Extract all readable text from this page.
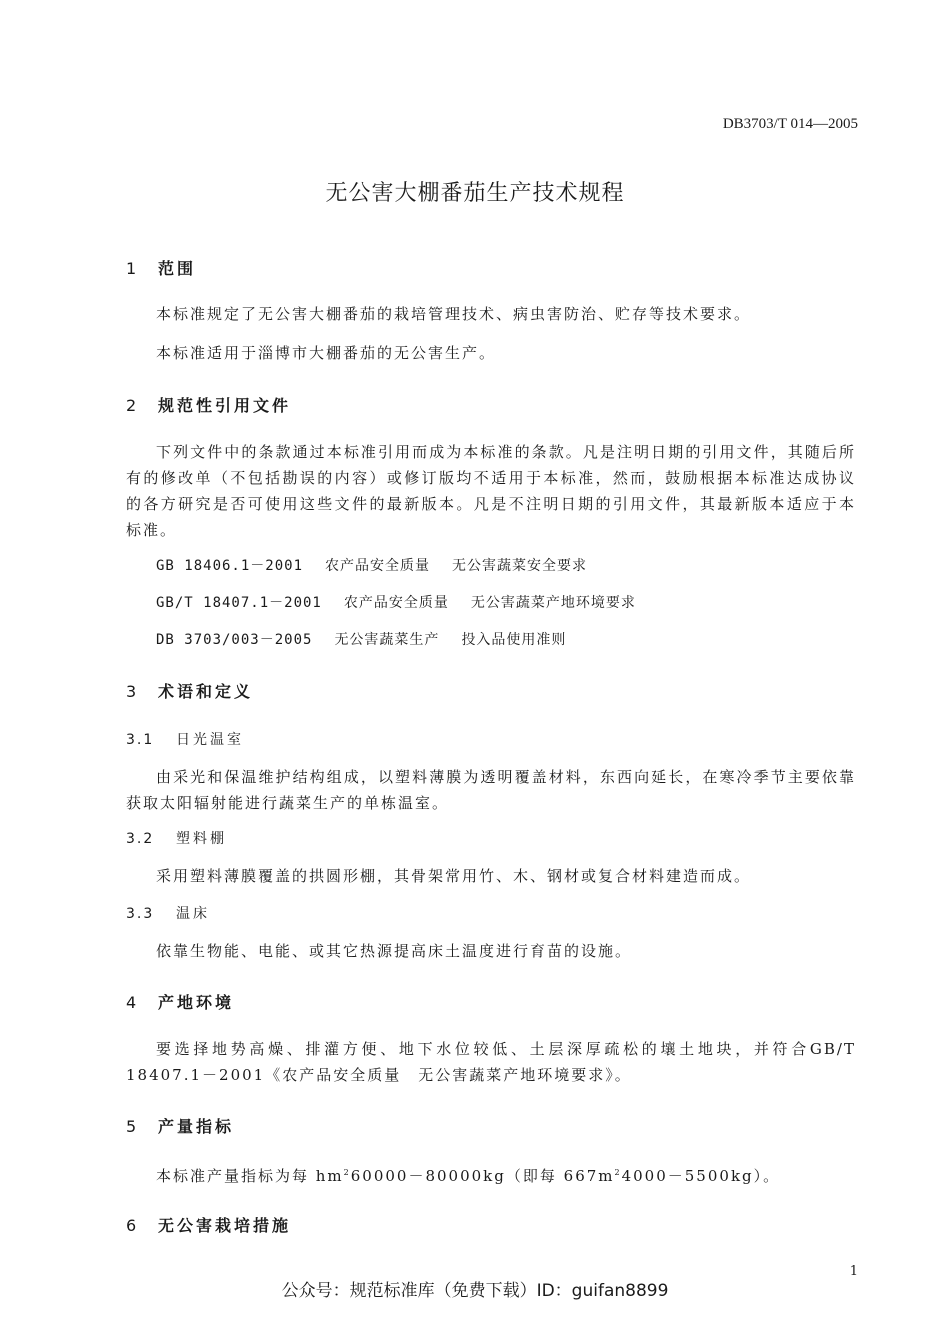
DB3703/T 014—2005
无公害大棚番茄生产技术规程
1 范围
本标准规定了无公害大棚番茄的栽培管理技术、病虫害防治、贮存等技术要求。
本标准适用于淄博市大棚番茄的无公害生产。
2 规范性引用文件
下列文件中的条款通过本标准引用而成为本标准的条款。凡是注明日期的引用文件，其随后所有的修改单（不包括勘误的内容）或修订版均不适用于本标准，然而，鼓励根据本标准达成协议的各方研究是否可使用这些文件的最新版本。凡是不注明日期的引用文件，其最新版本适应于本标准。
GB 18406.1－2001 农产品安全质量 无公害蔬菜安全要求
GB/T 18407.1－2001 农产品安全质量 无公害蔬菜产地环境要求
DB 3703/003－2005 无公害蔬菜生产 投入品使用准则
3 术语和定义
3.1 日光温室
由采光和保温维护结构组成，以塑料薄膜为透明覆盖材料，东西向延长，在寒冷季节主要依靠获取太阳辐射能进行蔬菜生产的单栋温室。
3.2 塑料棚
采用塑料薄膜覆盖的拱圆形棚，其骨架常用竹、木、钢材或复合材料建造而成。
3.3 温床
依靠生物能、电能、或其它热源提高床土温度进行育苗的设施。
4 产地环境
要选择地势高燥、排灌方便、地下水位较低、土层深厚疏松的壤土地块，并符合GB/T 18407.1－2001《农产品安全质量　无公害蔬菜产地环境要求》。
5 产量指标
本标准产量指标为每 $hm^260000-80000kg$（即每 $667m^24000-5500kg$）。
6 无公害栽培措施
1
公众号：规范标准库（免费下载）ID：guifan8899
